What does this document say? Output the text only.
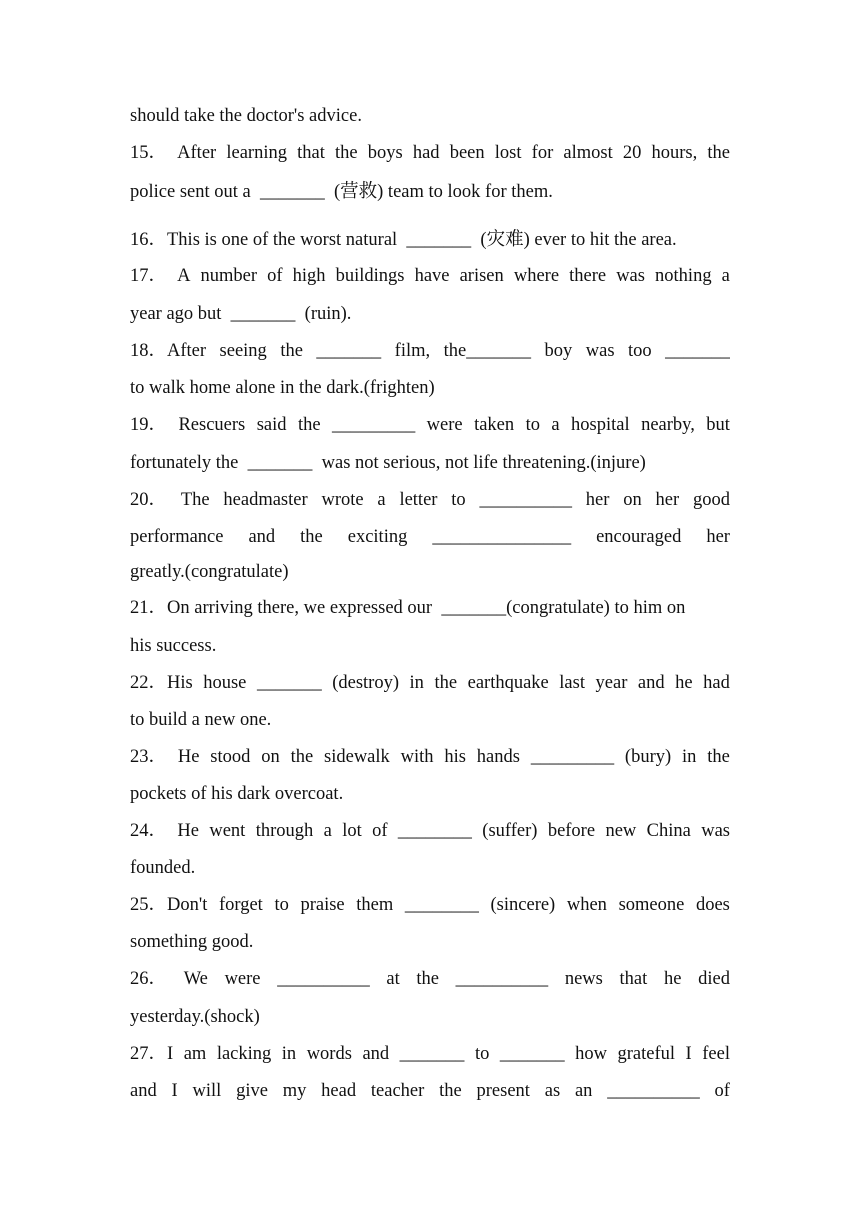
should take the doctor's advice.
15． After learning that the boys had been lost for almost 20 hours, the
police sent out a  _______  (营救) team to look for them.
16．This is one of the worst natural  _______  (灾难) ever to hit the area.
17． A number of high buildings have arisen where there was nothing a
year ago but  _______  (ruin).
18．After seeing the _______ film, the_______ boy was too _______
to walk home alone in the dark.(frighten)
19． Rescuers said the _________ were taken to a hospital nearby, but
fortunately the  _______  was not serious, not life threatening.(injure)
20． The headmaster wrote a letter to __________ her on her good
performance and the exciting _______________ encouraged her
greatly.(congratulate)
21．On arriving there, we expressed our  _______(congratulate) to him on
his success.
22．His house _______ (destroy) in the earthquake last year and he had
to build a new one.
23． He stood on the sidewalk with his hands _________ (bury) in the
pockets of his dark overcoat.
24． He went through a lot of ________ (suffer) before new China was
founded.
25．Don't forget to praise them ________ (sincere) when someone does
something good.
26． We were __________ at the __________ news that he died
yesterday.(shock)
27．I am lacking in words and _______ to _______ how grateful I feel
and I will give my head teacher the present as an __________ of
